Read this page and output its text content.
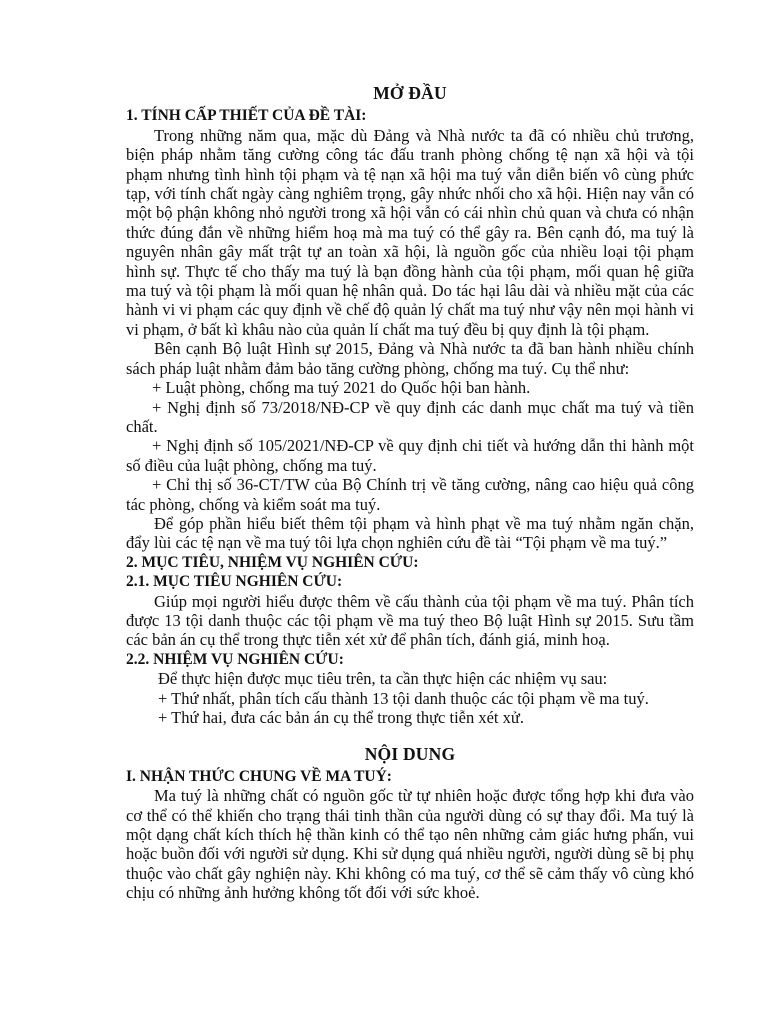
MỞ ĐẦU
1. TÍNH CẤP THIẾT CỦA ĐỀ TÀI:

Trong những năm qua, mặc dù Đảng và Nhà nước ta đã có nhiều chủ trương, biện pháp nhằm tăng cường công tác đấu tranh phòng chống tệ nạn xã hội và tội phạm nhưng tình hình tội phạm và tệ nạn xã hội ma tuý vẫn diễn biến vô cùng phức tạp, với tính chất ngày càng nghiêm trọng, gây nhức nhối cho xã hội. Hiện nay vẫn có một bộ phận không nhỏ người trong xã hội vẫn có cái nhìn chủ quan và chưa có nhận thức đúng đắn về những hiểm hoạ mà ma tuý có thể gây ra. Bên cạnh đó, ma tuý là nguyên nhân gây mất trật tự an toàn xã hội, là nguồn gốc của nhiều loại tội phạm hình sự. Thực tế cho thấy ma tuý là bạn đồng hành của tội phạm, mối quan hệ giữa ma tuý và tội phạm là mối quan hệ nhân quả. Do tác hại lâu dài và nhiều mặt của các hành vi vi phạm các quy định về chế độ quản lý chất ma tuý như vậy nên mọi hành vi vi phạm, ở bất kì khâu nào của quản lí chất ma tuý đều bị quy định là tội phạm.

Bên cạnh Bộ luật Hình sự 2015, Đảng và Nhà nước ta đã ban hành nhiều chính sách pháp luật nhằm đảm bảo tăng cường phòng, chống ma tuý. Cụ thể như:

+ Luật phòng, chống ma tuý 2021 do Quốc hội ban hành.

+ Nghị định số 73/2018/NĐ-CP về quy định các danh mục chất ma tuý và tiền chất.

+ Nghị định số 105/2021/NĐ-CP về quy định chi tiết và hướng dẫn thi hành một số điều của luật phòng, chống ma tuý.

+ Chỉ thị số 36-CT/TW của Bộ Chính trị về tăng cường, nâng cao hiệu quả công tác phòng, chống và kiểm soát ma tuý.

Để góp phần hiểu biết thêm tội phạm và hình phạt về ma tuý nhằm ngăn chặn, đẩy lùi các tệ nạn về ma tuý tôi lựa chọn nghiên cứu đề tài “Tội phạm về ma tuý.”

2. MỤC TIÊU, NHIỆM VỤ NGHIÊN CỨU:
2.1. MỤC TIÊU NGHIÊN CỨU:

Giúp mọi người hiểu được thêm về cấu thành của tội phạm về ma tuý. Phân tích được 13 tội danh thuộc các tội phạm về ma tuý theo Bộ luật Hình sự 2015. Sưu tầm các bản án cụ thể trong thực tiễn xét xử để phân tích, đánh giá, minh hoạ.

2.2. NHIỆM VỤ NGHIÊN CỨU:

Để thực hiện được mục tiêu trên, ta cần thực hiện các nhiệm vụ sau:

+ Thứ nhất, phân tích cấu thành 13 tội danh thuộc các tội phạm về ma tuý.

+ Thứ hai, đưa các bản án cụ thể trong thực tiễn xét xử.

NỘI DUNG
I. NHẬN THỨC CHUNG VỀ MA TUÝ:

Ma tuý là những chất có nguồn gốc từ tự nhiên hoặc được tổng hợp khi đưa vào cơ thể có thể khiến cho trạng thái tinh thần của người dùng có sự thay đổi. Ma tuý là một dạng chất kích thích hệ thần kinh có thể tạo nên những cảm giác hưng phấn, vui hoặc buồn đối với người sử dụng. Khi sử dụng quá nhiều người, người dùng sẽ bị phụ thuộc vào chất gây nghiện này. Khi không có ma tuý, cơ thể sẽ cảm thấy vô cùng khó chịu có những ảnh hưởng không tốt đối với sức khoẻ.
